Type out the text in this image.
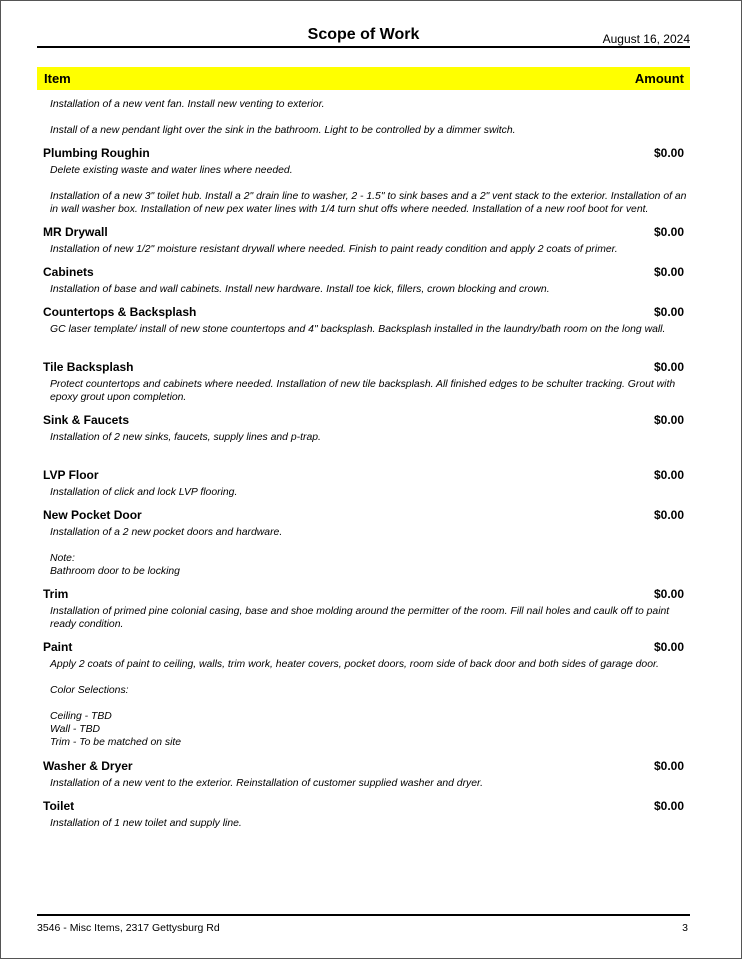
Scope of Work	August 16, 2024
Item	Amount
Installation of a new vent fan. Install new venting to exterior.
Install of a new pendant light over the sink in the bathroom. Light to be controlled by a dimmer switch.
Plumbing Roughin	$0.00
Delete existing waste and water lines where needed.
Installation of a new 3" toilet hub. Install a 2" drain line to washer, 2 - 1.5" to sink bases and a 2" vent stack to the exterior. Installation of an in wall washer box. Installation of new pex water lines with 1/4 turn shut offs where needed. Installation of a new roof boot for vent.
MR Drywall	$0.00
Installation of new 1/2" moisture resistant drywall where needed. Finish to paint ready condition and apply 2 coats of primer.
Cabinets	$0.00
Installation of base and wall cabinets. Install new hardware. Install toe kick, fillers, crown blocking and crown.
Countertops & Backsplash	$0.00
GC laser template/ install of new stone countertops and 4" backsplash. Backsplash installed in the laundry/bath room on the long wall.
Tile Backsplash	$0.00
Protect countertops and cabinets where needed. Installation of new tile backsplash. All finished edges to be schulter tracking. Grout with epoxy grout upon completion.
Sink & Faucets	$0.00
Installation of 2 new sinks, faucets, supply lines and p-trap.
LVP Floor	$0.00
Installation of click and lock LVP flooring.
New Pocket Door	$0.00
Installation of a 2 new pocket doors and hardware.
Note:
Bathroom door to be locking
Trim	$0.00
Installation of primed pine colonial casing, base and shoe molding around the permitter of the room. Fill nail holes and caulk off to paint ready condition.
Paint	$0.00
Apply 2 coats of paint to ceiling, walls, trim work, heater covers, pocket doors, room side of back door and both sides of garage door.
Color Selections:
Ceiling - TBD
Wall - TBD
Trim - To be matched on site
Washer & Dryer	$0.00
Installation of a new vent to the exterior. Reinstallation of customer supplied washer and dryer.
Toilet	$0.00
Installation of 1 new toilet and supply line.
3546 - Misc Items, 2317 Gettysburg Rd	3
